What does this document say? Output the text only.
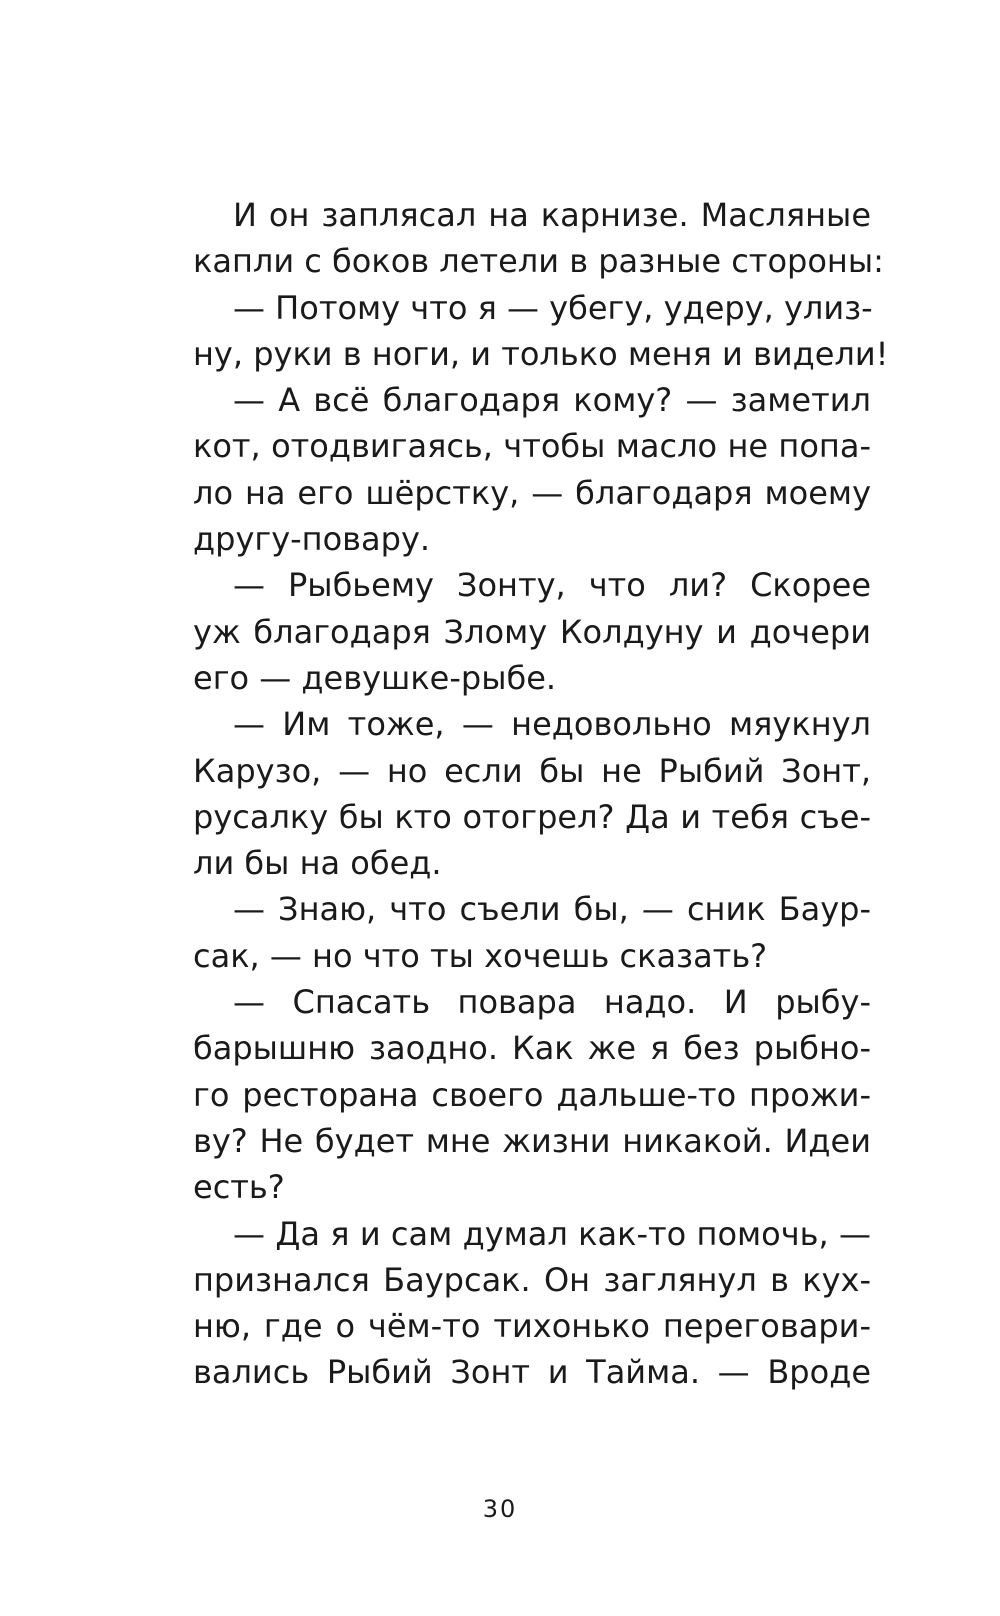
И он заплясал на карнизе. Масляные
капли с боков летели в разные стороны:
— Потому что я — убегу, удеру, улиз-
ну, руки в ноги, и только меня и видели!
— А всё благодаря кому? — заметил
кот, отодвигаясь, чтобы масло не попа-
ло на его шёрстку, — благодаря моему
другу-повару.
— Рыбьему Зонту, что ли? Скорее
уж благодаря Злому Колдуну и дочери
его — девушке-рыбе.
— Им тоже, — недовольно мяукнул
Карузо, — но если бы не Рыбий Зонт,
русалку бы кто отогрел? Да и тебя съе-
ли бы на обед.
— Знаю, что съели бы, — сник Баур-
сак, — но что ты хочешь сказать?
— Спасать повара надо. И рыбу-
барышню заодно. Как же я без рыбно-
го ресторана своего дальше-то прожи-
ву? Не будет мне жизни никакой. Идеи
есть?
— Да я и сам думал как-то помочь, —
признался Баурсак. Он заглянул в кух-
ню, где о чём-то тихонько переговари-
вались Рыбий Зонт и Тайма. — Вроде
30
